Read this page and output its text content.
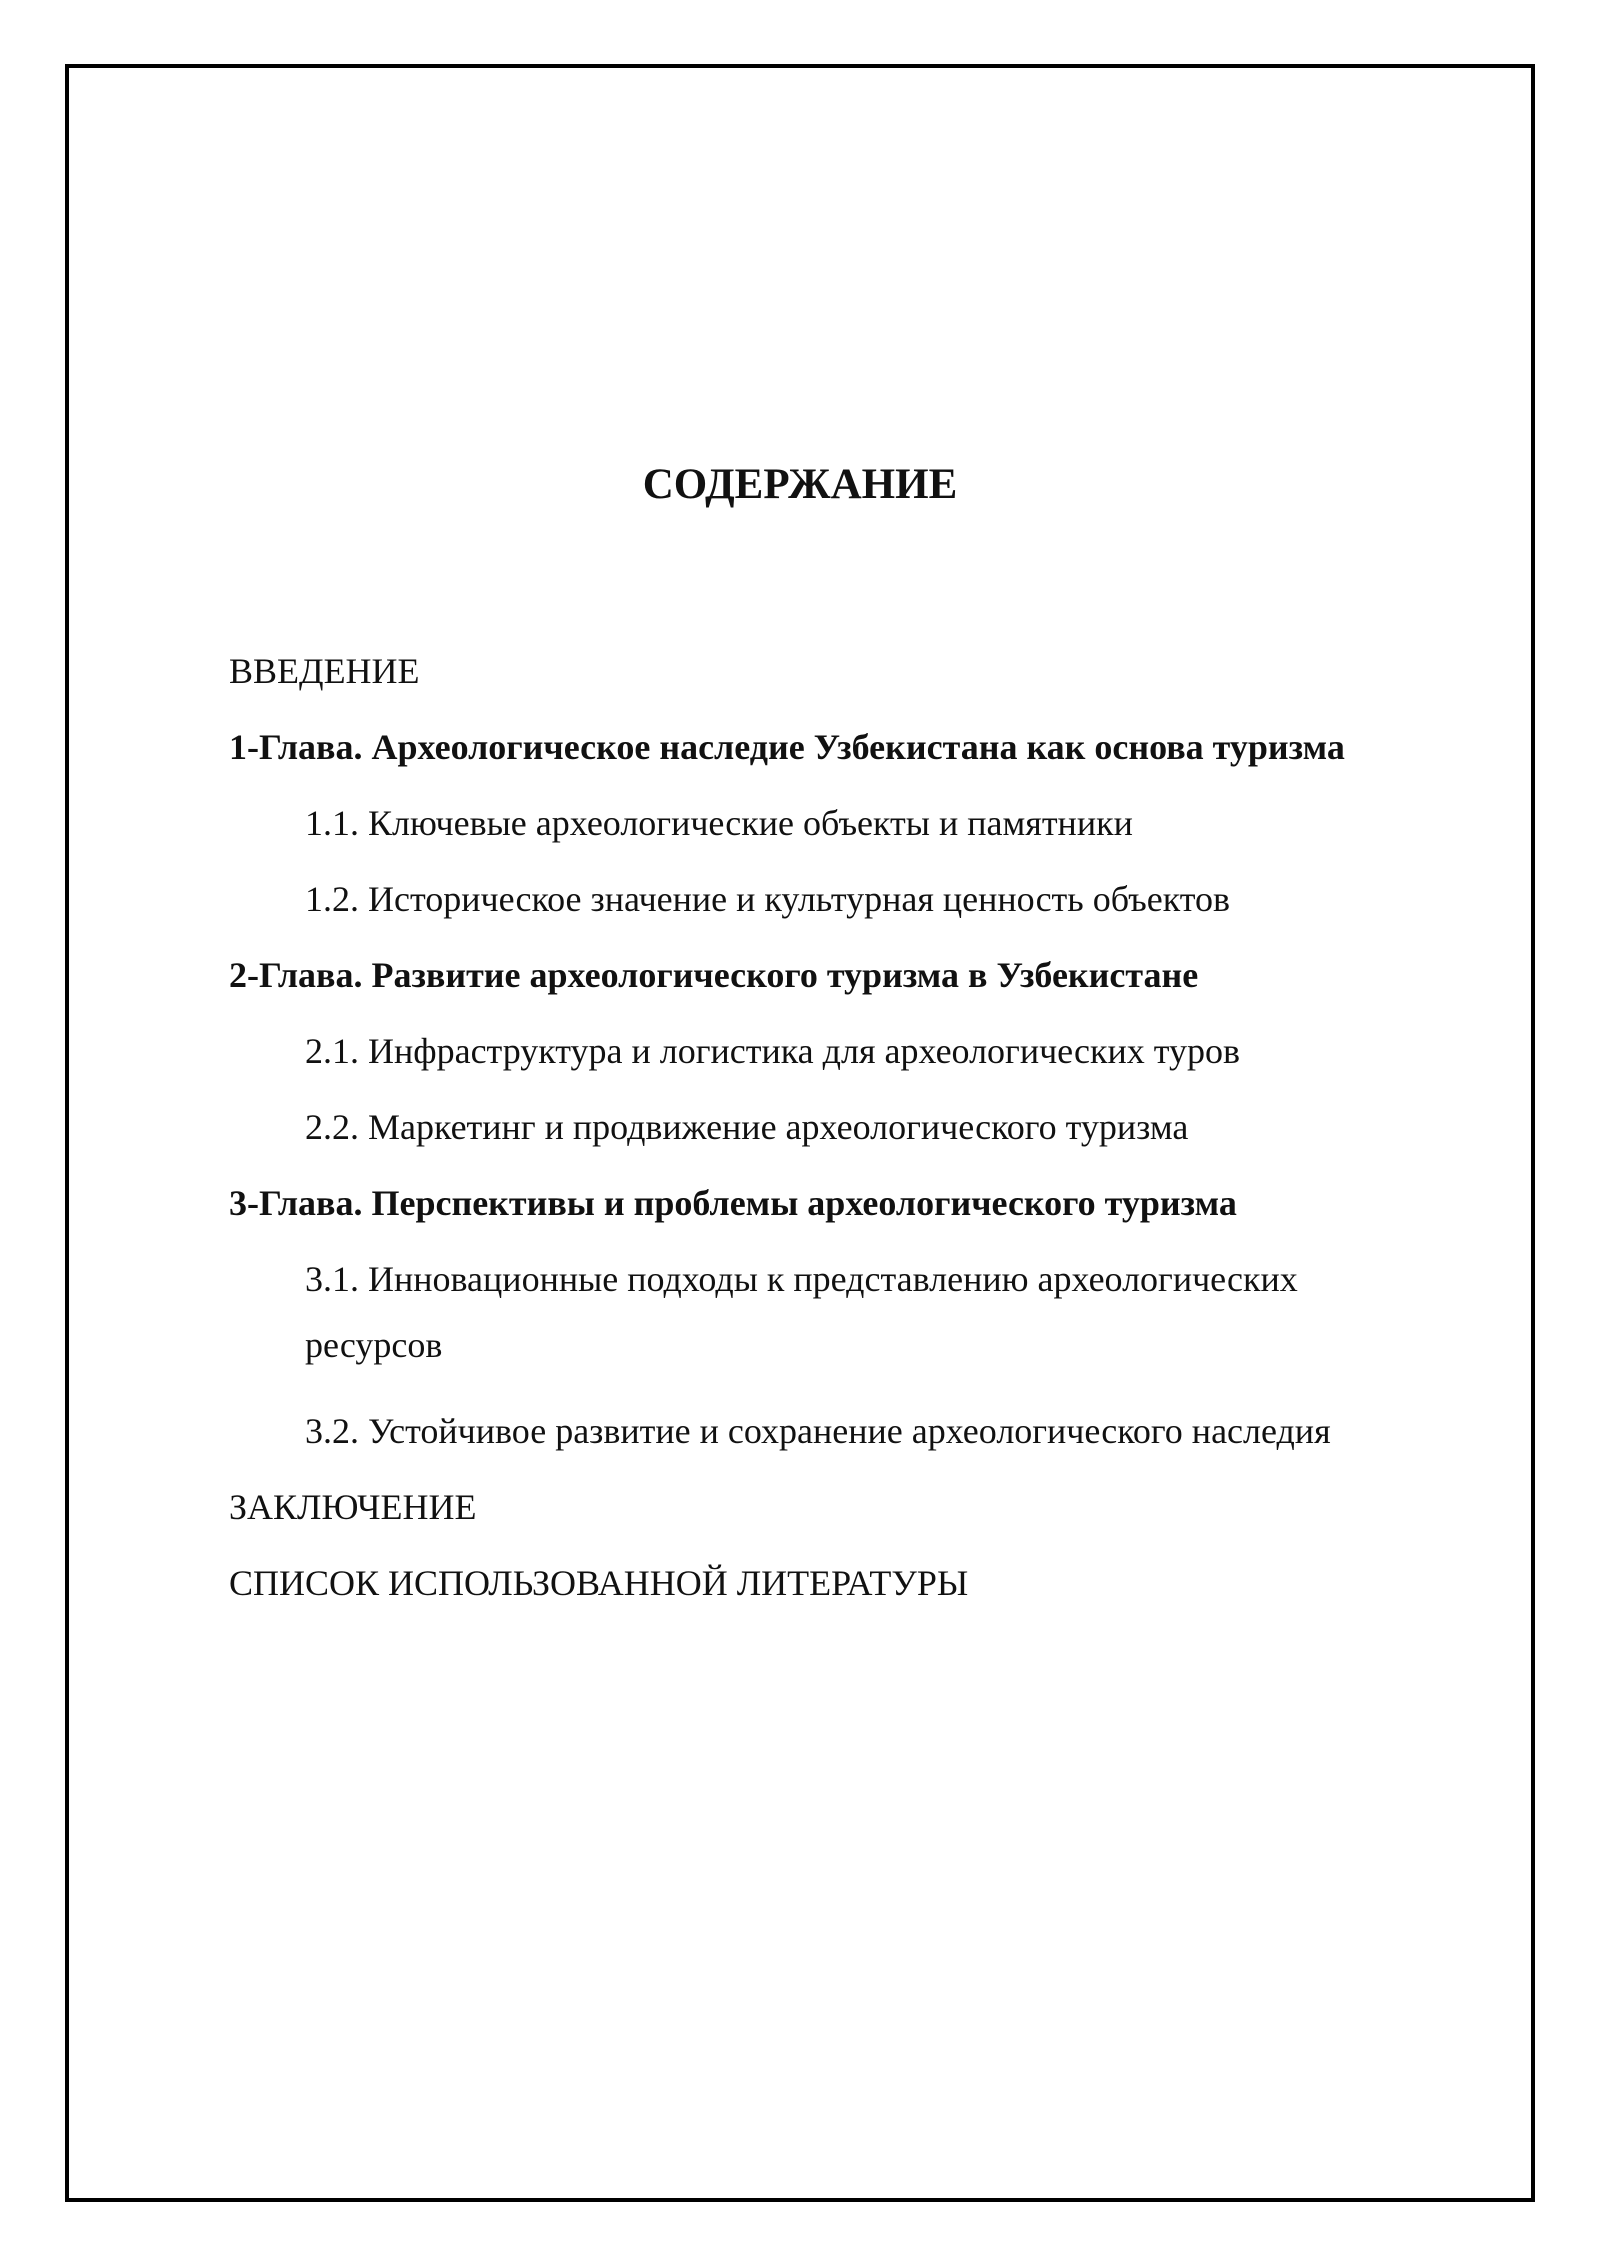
СОДЕРЖАНИЕ
ВВЕДЕНИЕ
1-Глава. Археологическое наследие Узбекистана как основа туризма
1.1. Ключевые археологические объекты и памятники
1.2. Историческое значение и культурная ценность объектов
2-Глава. Развитие археологического туризма в Узбекистане
2.1. Инфраструктура и логистика для археологических туров
2.2. Маркетинг и продвижение археологического туризма
3-Глава. Перспективы и проблемы археологического туризма
3.1. Инновационные подходы к представлению археологических ресурсов
3.2. Устойчивое развитие и сохранение археологического наследия
ЗАКЛЮЧЕНИЕ
СПИСОК ИСПОЛЬЗОВАННОЙ ЛИТЕРАТУРЫ
